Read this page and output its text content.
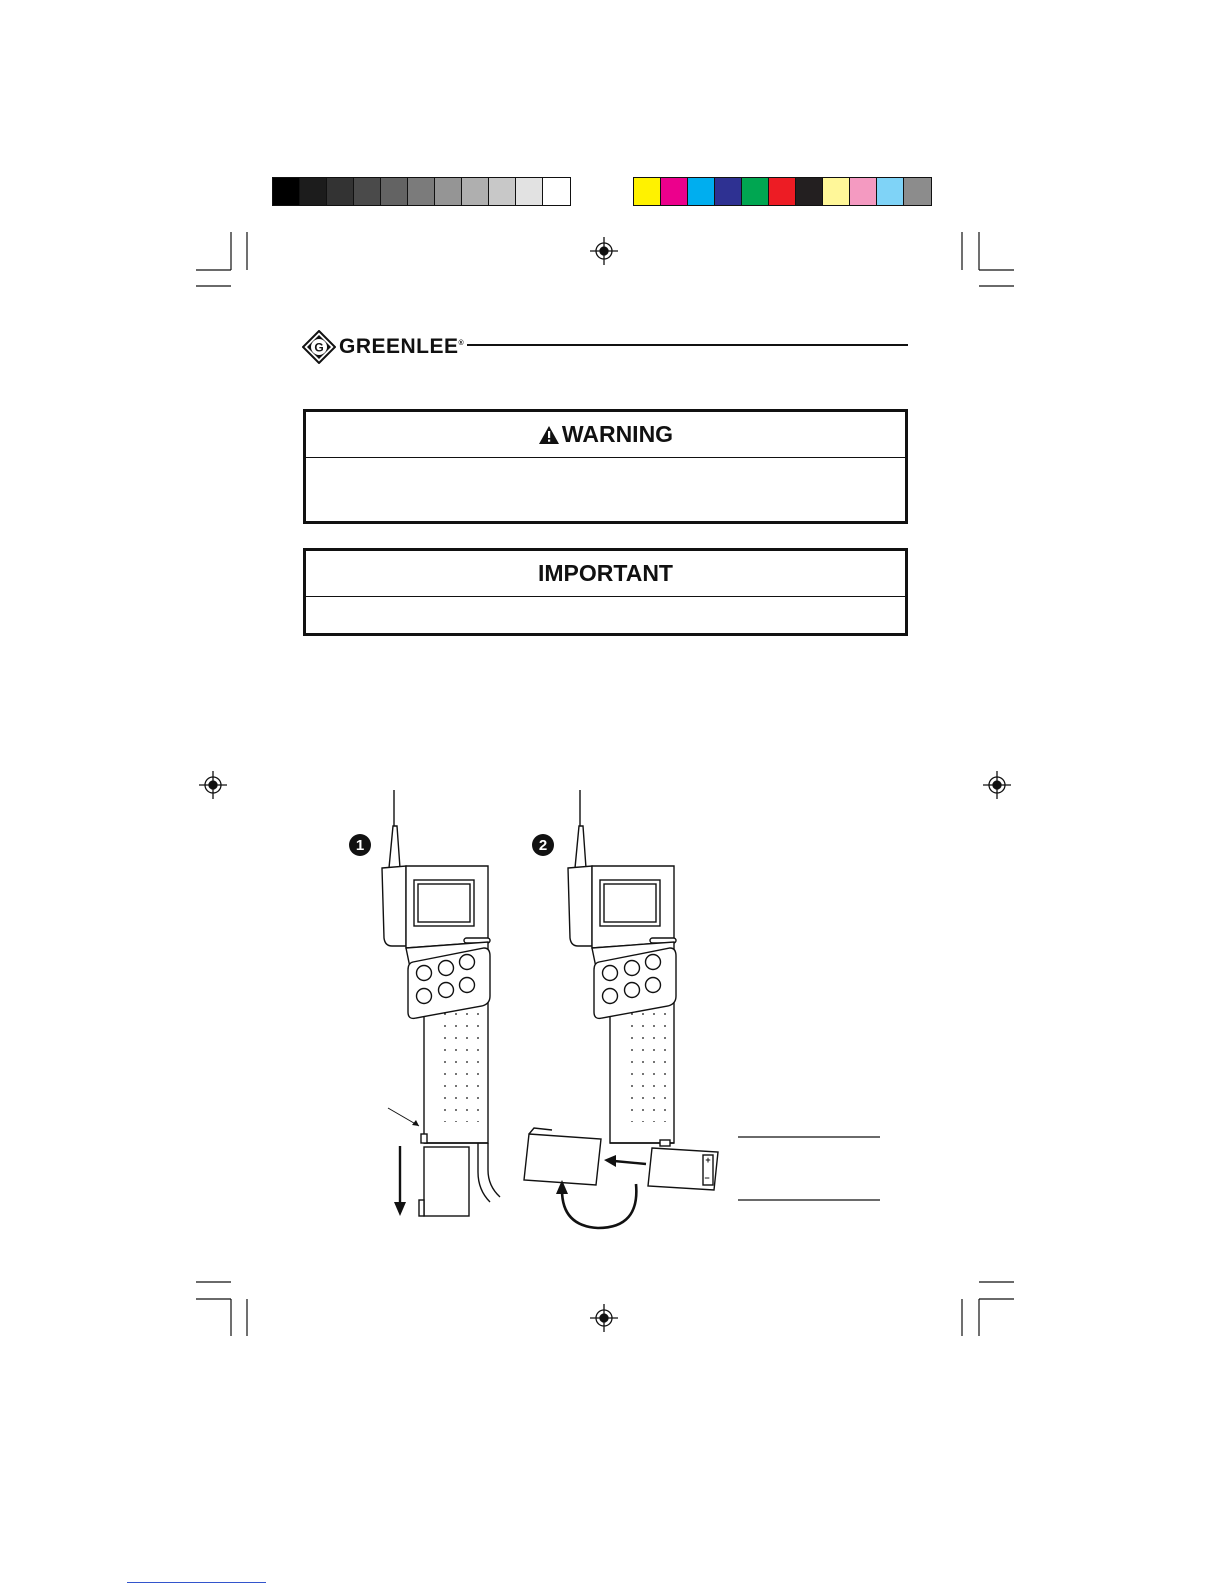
G GREENLEE®
WARNING
IMPORTANT
1	2
+
−
